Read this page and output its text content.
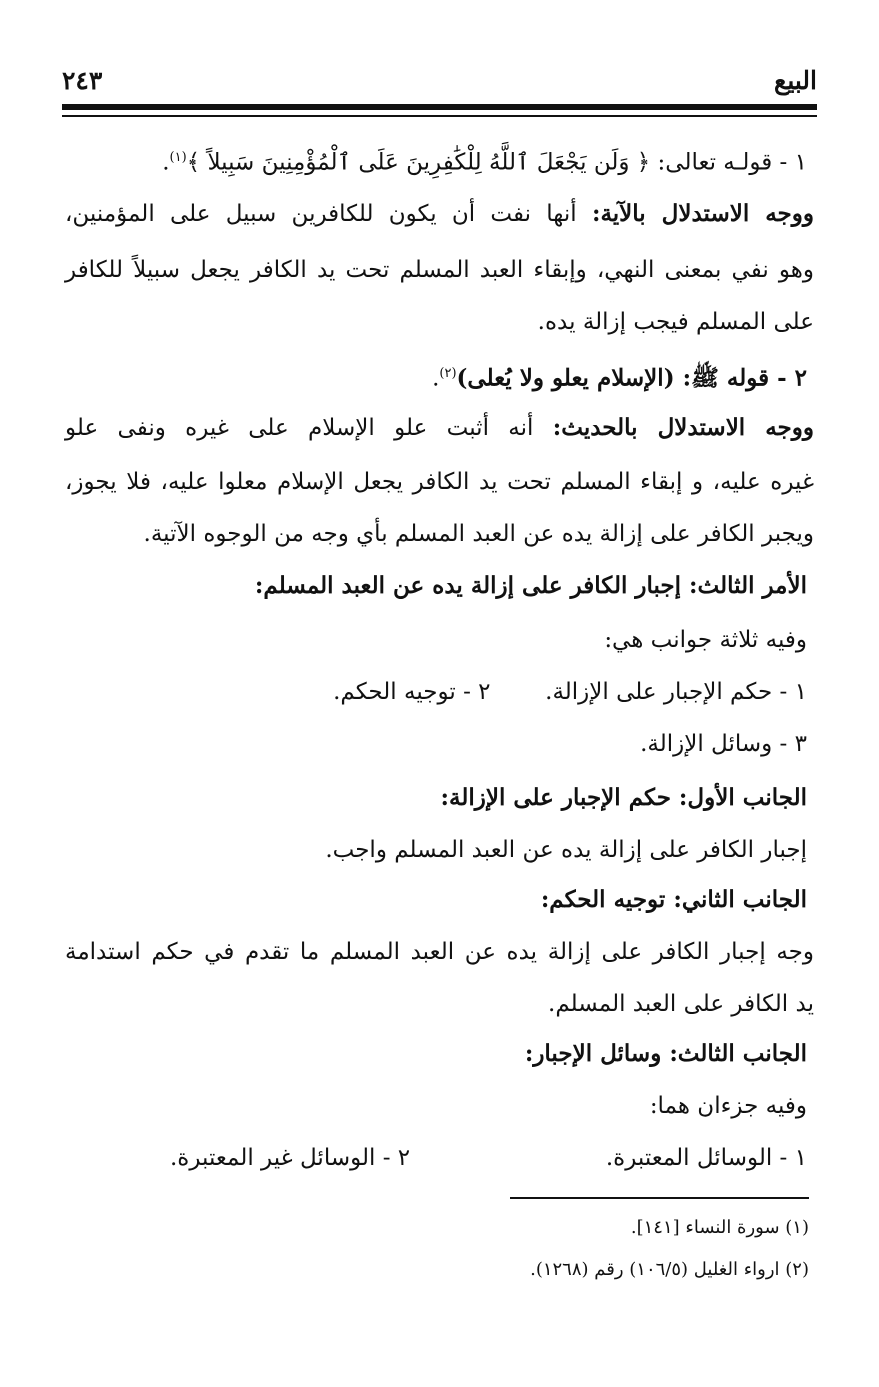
البيع
٢٤٣
١ - قولـه تعالى: ﴿ وَلَن يَجْعَلَ ٱللَّهُ لِلْكَٰفِرِينَ عَلَى ٱلْمُؤْمِنِينَ سَبِيلاً ﴾$^{(١)}$.
ووجه الاستدلال بالآية: أنها نفت أن يكون للكافرين سبيل على المؤمنين،
وهو نفي بمعنى النهي، وإبقاء العبد المسلم تحت يد الكافر يجعل سبيلاً للكافر
على المسلم فيجب إزالة يده.
٢ - قوله ﷺ: (الإسلام يعلو ولا يُعلى)$^{(٢)}$.
ووجه الاستدلال بالحديث: أنه أثبت علو الإسلام على غيره ونفى علو
غيره عليه، و إبقاء المسلم تحت يد الكافر يجعل الإسلام معلوا عليه، فلا يجوز،
ويجبر الكافر على إزالة يده عن العبد المسلم بأي وجه من الوجوه الآتية.
الأمر الثالث: إجبار الكافر على إزالة يده عن العبد المسلم:
وفيه ثلاثة جوانب هي:
١ - حكم الإجبار على الإزالة.  ٢ - توجيه الحكم.
٣ - وسائل الإزالة.
الجانب الأول: حكم الإجبار على الإزالة:
إجبار الكافر على إزالة يده عن العبد المسلم واجب.
الجانب الثاني: توجيه الحكم:
وجه إجبار الكافر على إزالة يده عن العبد المسلم ما تقدم في حكم استدامة
يد الكافر على العبد المسلم.
الجانب الثالث: وسائل الإجبار:
وفيه جزءان هما:
١ - الوسائل المعتبرة.
٢ - الوسائل غير المعتبرة.
(١) سورة النساء [١٤١].
(٢) ارواء الغليل (١٠٦/٥) رقم (١٢٦٨).
